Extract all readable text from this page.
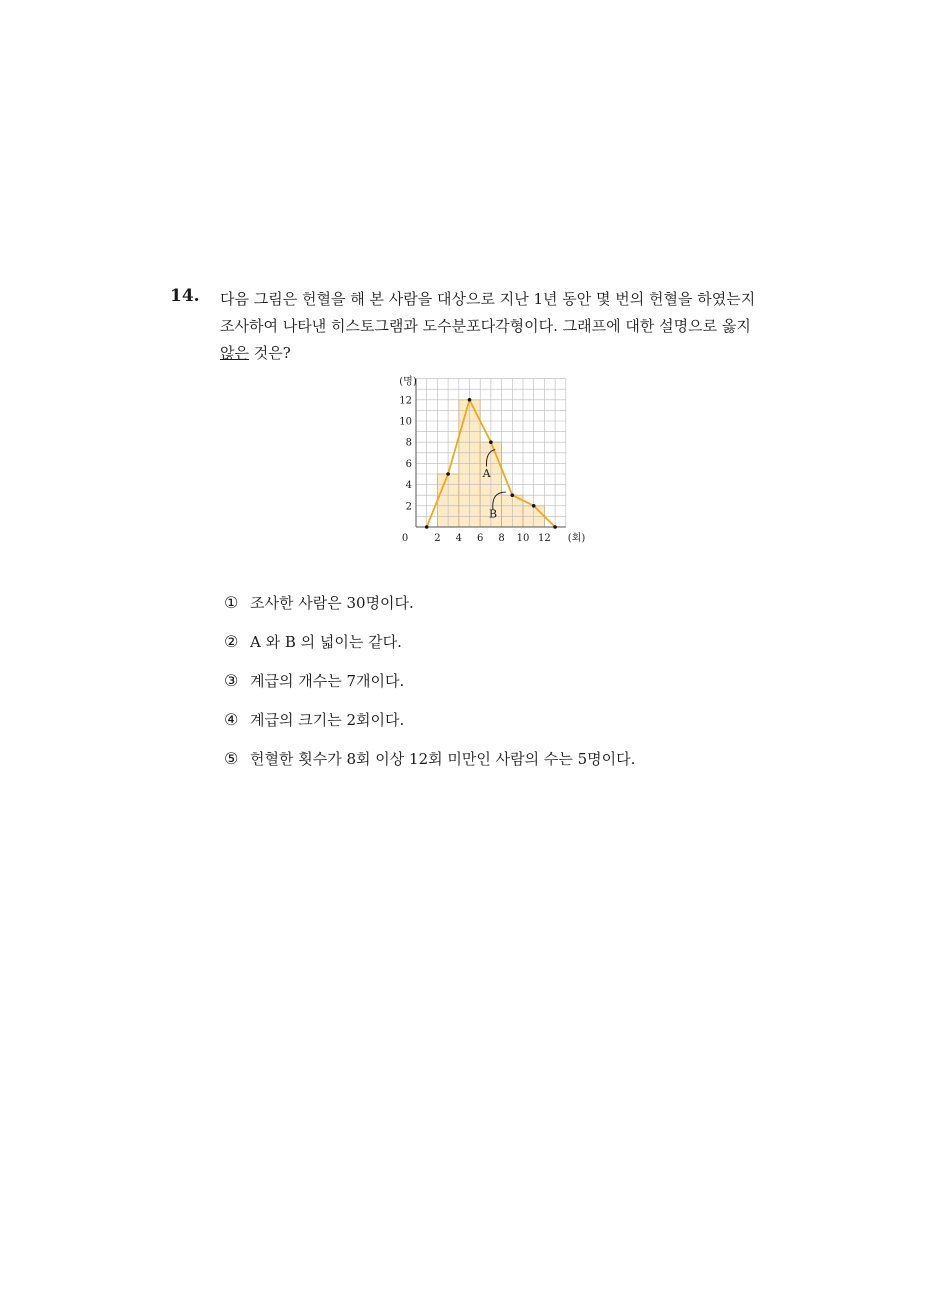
14. 다음 그림은 헌혈을 해 본 사람을 대상으로 지난 1년 동안 몇 번의 헌혈을 하였는지 조사하여 나타낸 히스토그램과 도수분포다각형이다. 그래프에 대한 설명으로 옳지 않은 것은?
2
4
6
8
10
12
2 4 6 8 10 12
0
(명)
(회)
A
B
① 조사한 사람은 30명이다.
② A 와 B 의 넓이는 같다.
③ 계급의 개수는 7개이다.
④ 계급의 크기는 2회이다.
⑤ 헌혈한 횟수가 8회 이상 12회 미만인 사람의 수는 5명이다.
